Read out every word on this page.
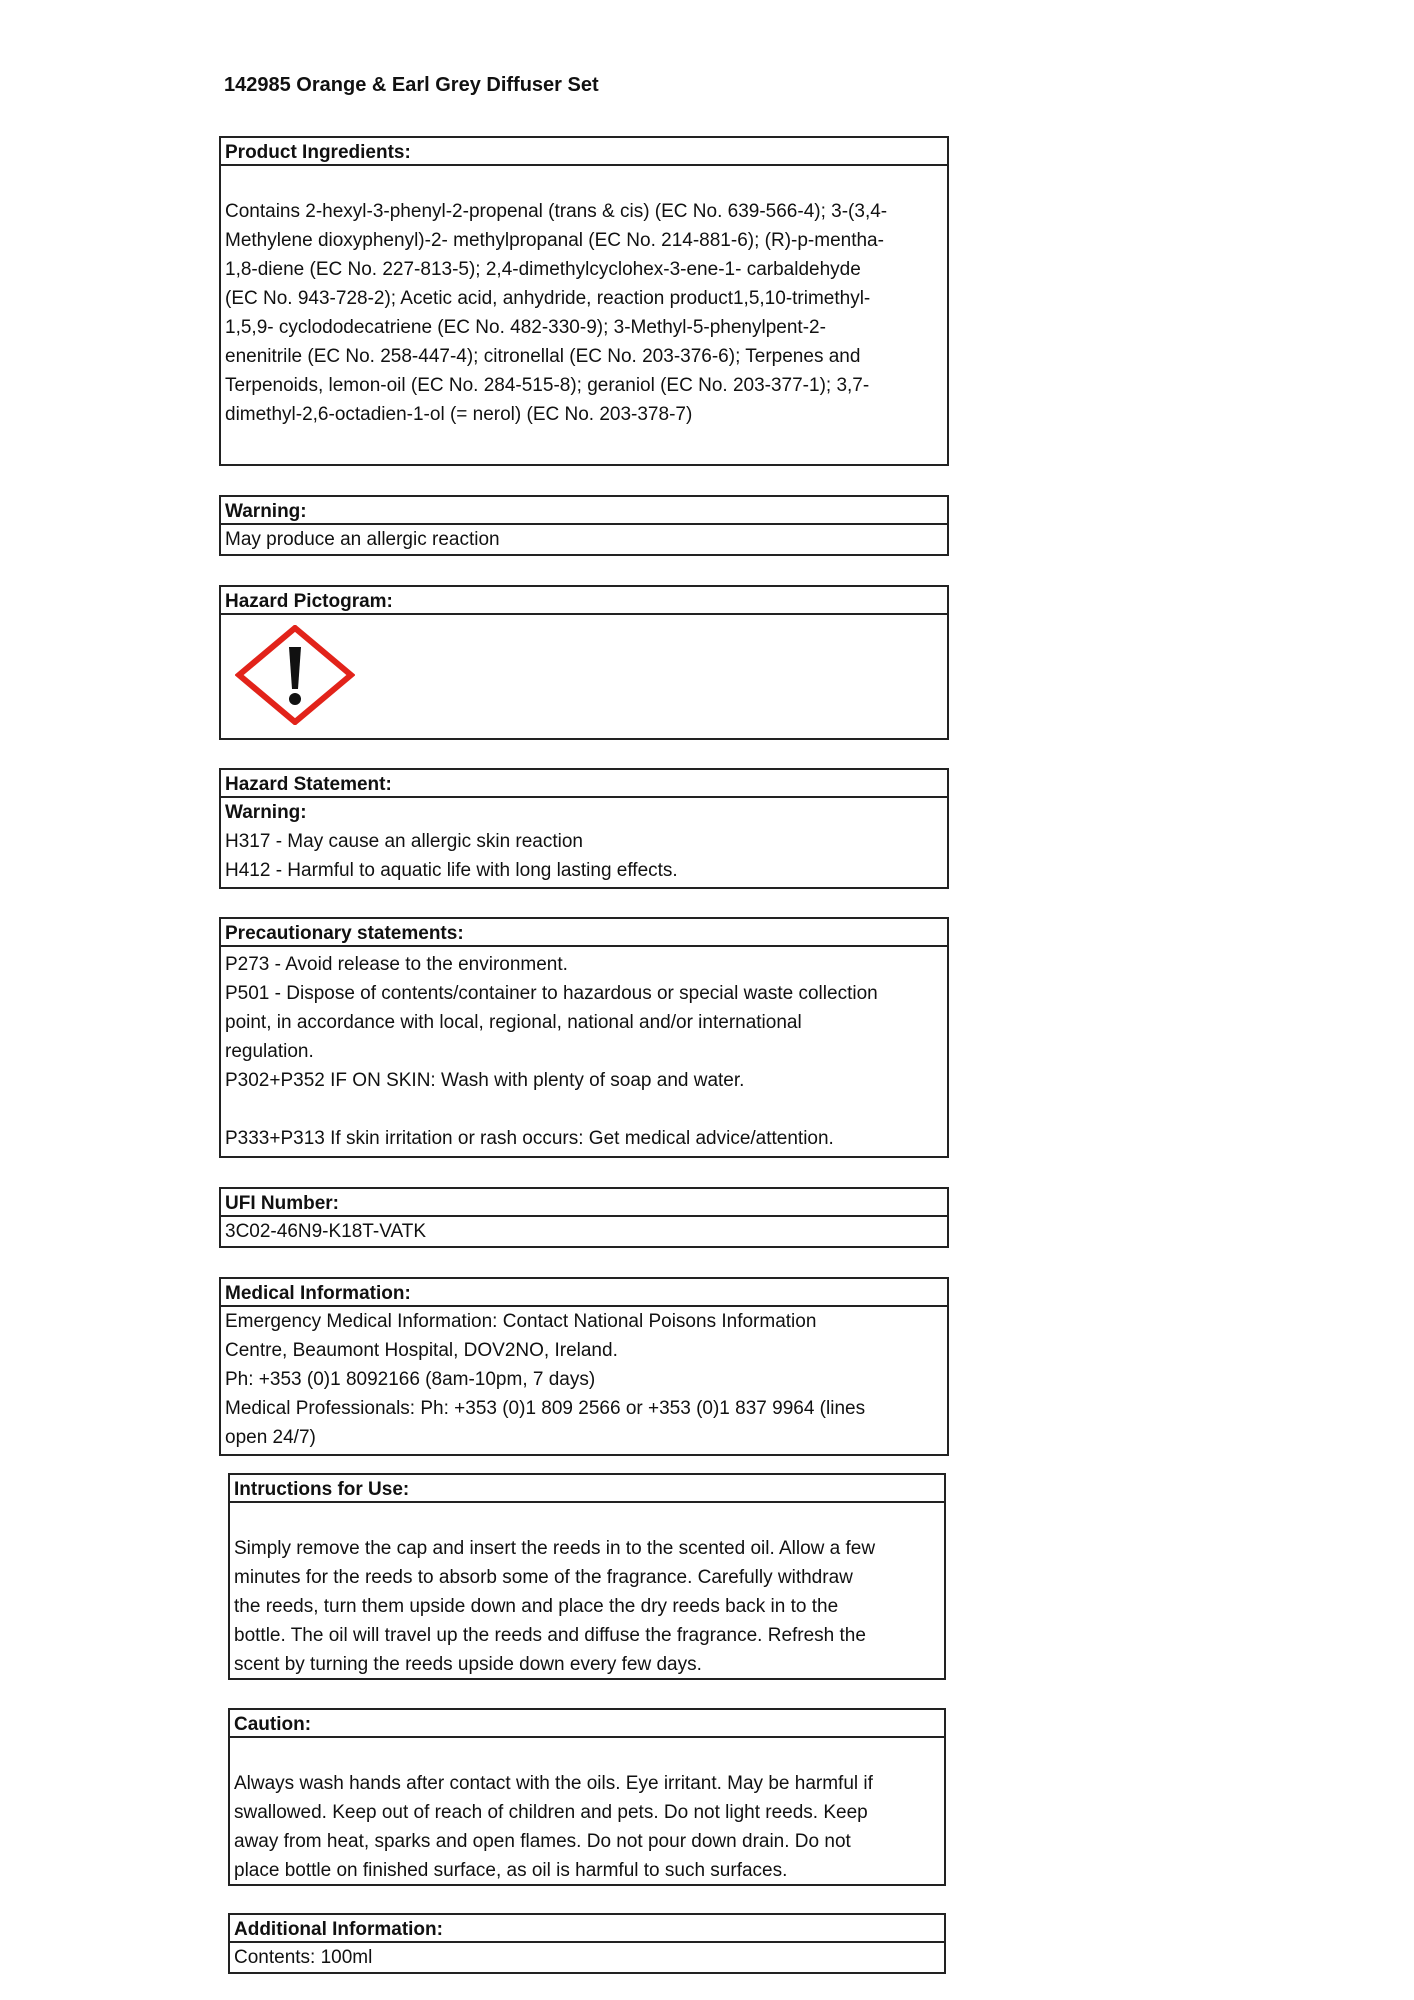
142985 Orange & Earl Grey Diffuser Set
Product Ingredients:

Contains 2-hexyl-3-phenyl-2-propenal (trans & cis) (EC No. 639-566-4); 3-(3,4-

Methylene dioxyphenyl)-2- methylpropanal (EC No. 214-881-6); (R)-p-mentha-

1,8-diene (EC No. 227-813-5); 2,4-dimethylcyclohex-3-ene-1- carbaldehyde

(EC No. 943-728-2); Acetic acid, anhydride, reaction product1,5,10-trimethyl-

1,5,9- cyclododecatriene (EC No. 482-330-9); 3-Methyl-5-phenylpent-2-

enenitrile (EC No. 258-447-4); citronellal (EC No. 203-376-6); Terpenes and

Terpenoids, lemon-oil (EC No. 284-515-8); geraniol (EC No. 203-377-1); 3,7-

dimethyl-2,6-octadien-1-ol (= nerol) (EC No. 203-378-7)

Warning:

May produce an allergic reaction

Hazard Pictogram:
Hazard Statement:

Warning:

H317 - May cause an allergic skin reaction

H412 - Harmful to aquatic life with long lasting effects.

Precautionary statements:

P273 - Avoid release to the environment.

P501 - Dispose of contents/container to hazardous or special waste collection

point, in accordance with local, regional, national and/or international

regulation.

P302+P352 IF ON SKIN: Wash with plenty of soap and water.

P333+P313 If skin irritation or rash occurs: Get medical advice/attention.

UFI Number:

3C02-46N9-K18T-VATK

Medical Information:

Emergency Medical Information: Contact National Poisons Information

Centre, Beaumont Hospital, DOV2NO, Ireland.

Ph: +353 (0)1 8092166 (8am-10pm, 7 days)

Medical Professionals: Ph: +353 (0)1 809 2566 or +353 (0)1 837 9964 (lines

open 24/7)

Intructions for Use:

Simply remove the cap and insert the reeds in to the scented oil. Allow a few

minutes for the reeds to absorb some of the fragrance. Carefully withdraw

the reeds, turn them upside down and place the dry reeds back in to the

bottle. The oil will travel up the reeds and diffuse the fragrance. Refresh the

scent by turning the reeds upside down every few days.

Caution:

Always wash hands after contact with the oils. Eye irritant. May be harmful if

swallowed. Keep out of reach of children and pets. Do not light reeds. Keep

away from heat, sparks and open flames. Do not pour down drain. Do not

place bottle on finished surface, as oil is harmful to such surfaces.

Additional Information:

Contents: 100ml
